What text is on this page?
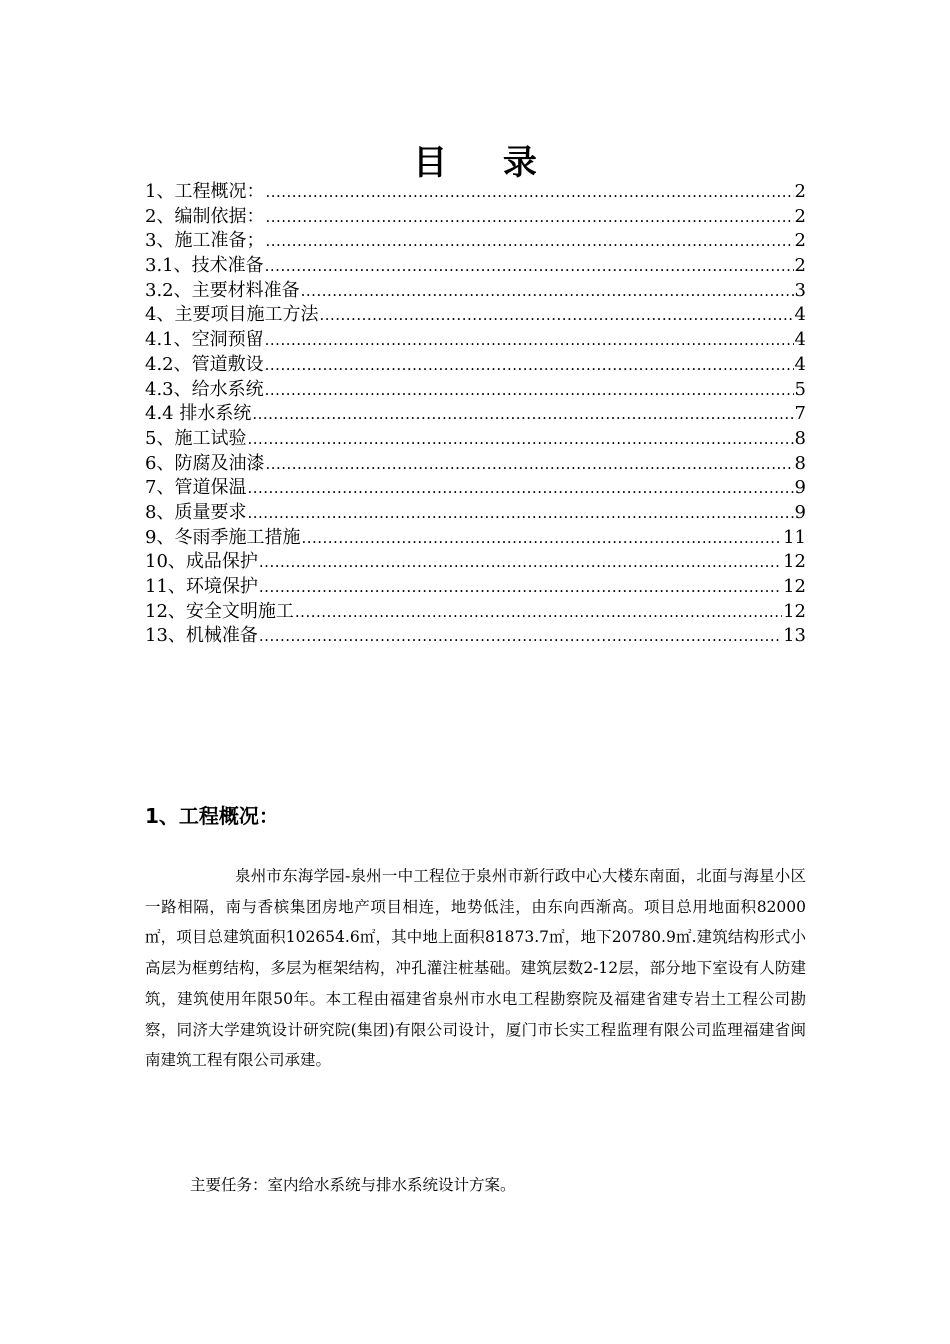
目 录
1、工程概况： .....	2
2、编制依据： .....	2
3、施工准备； .....	2
3.1、技术准备 .....	2
3.2、主要材料准备 .....	3
4、主要项目施工方法 .....	4
4.1、空洞预留 .....	4
4.2、管道敷设 .....	4
4.3、给水系统 .....	5
4.4 排水系统 .....	7
5、施工试验 .....	8
6、防腐及油漆 .....	8
7、管道保温 .....	9
8、质量要求 .....	9
9、冬雨季施工措施 .....	11
10、成品保护 .....	12
11、环境保护 .....	12
12、安全文明施工 .....	12
13、机械准备 .....	13
1、工程概况：

泉州市东海学园-泉州一中工程位于泉州市新行政中心大楼东南面，北面与海星小区一路相隔，南与香槟集团房地产项目相连，地势低洼，由东向西渐高。项目总用地面积82000㎡，项目总建筑面积102654.6㎡，其中地上面积81873.7㎡，地下20780.9㎡.建筑结构形式小高层为框剪结构，多层为框架结构，冲孔灌注桩基础。建筑层数2-12层，部分地下室设有人防建筑，建筑使用年限50年。本工程由福建省泉州市水电工程勘察院及福建省建专岩土工程公司勘察，同济大学建筑设计研究院(集团)有限公司设计，厦门市长实工程监理有限公司监理福建省闽南建筑工程有限公司承建。

主要任务：室内给水系统与排水系统设计方案。
